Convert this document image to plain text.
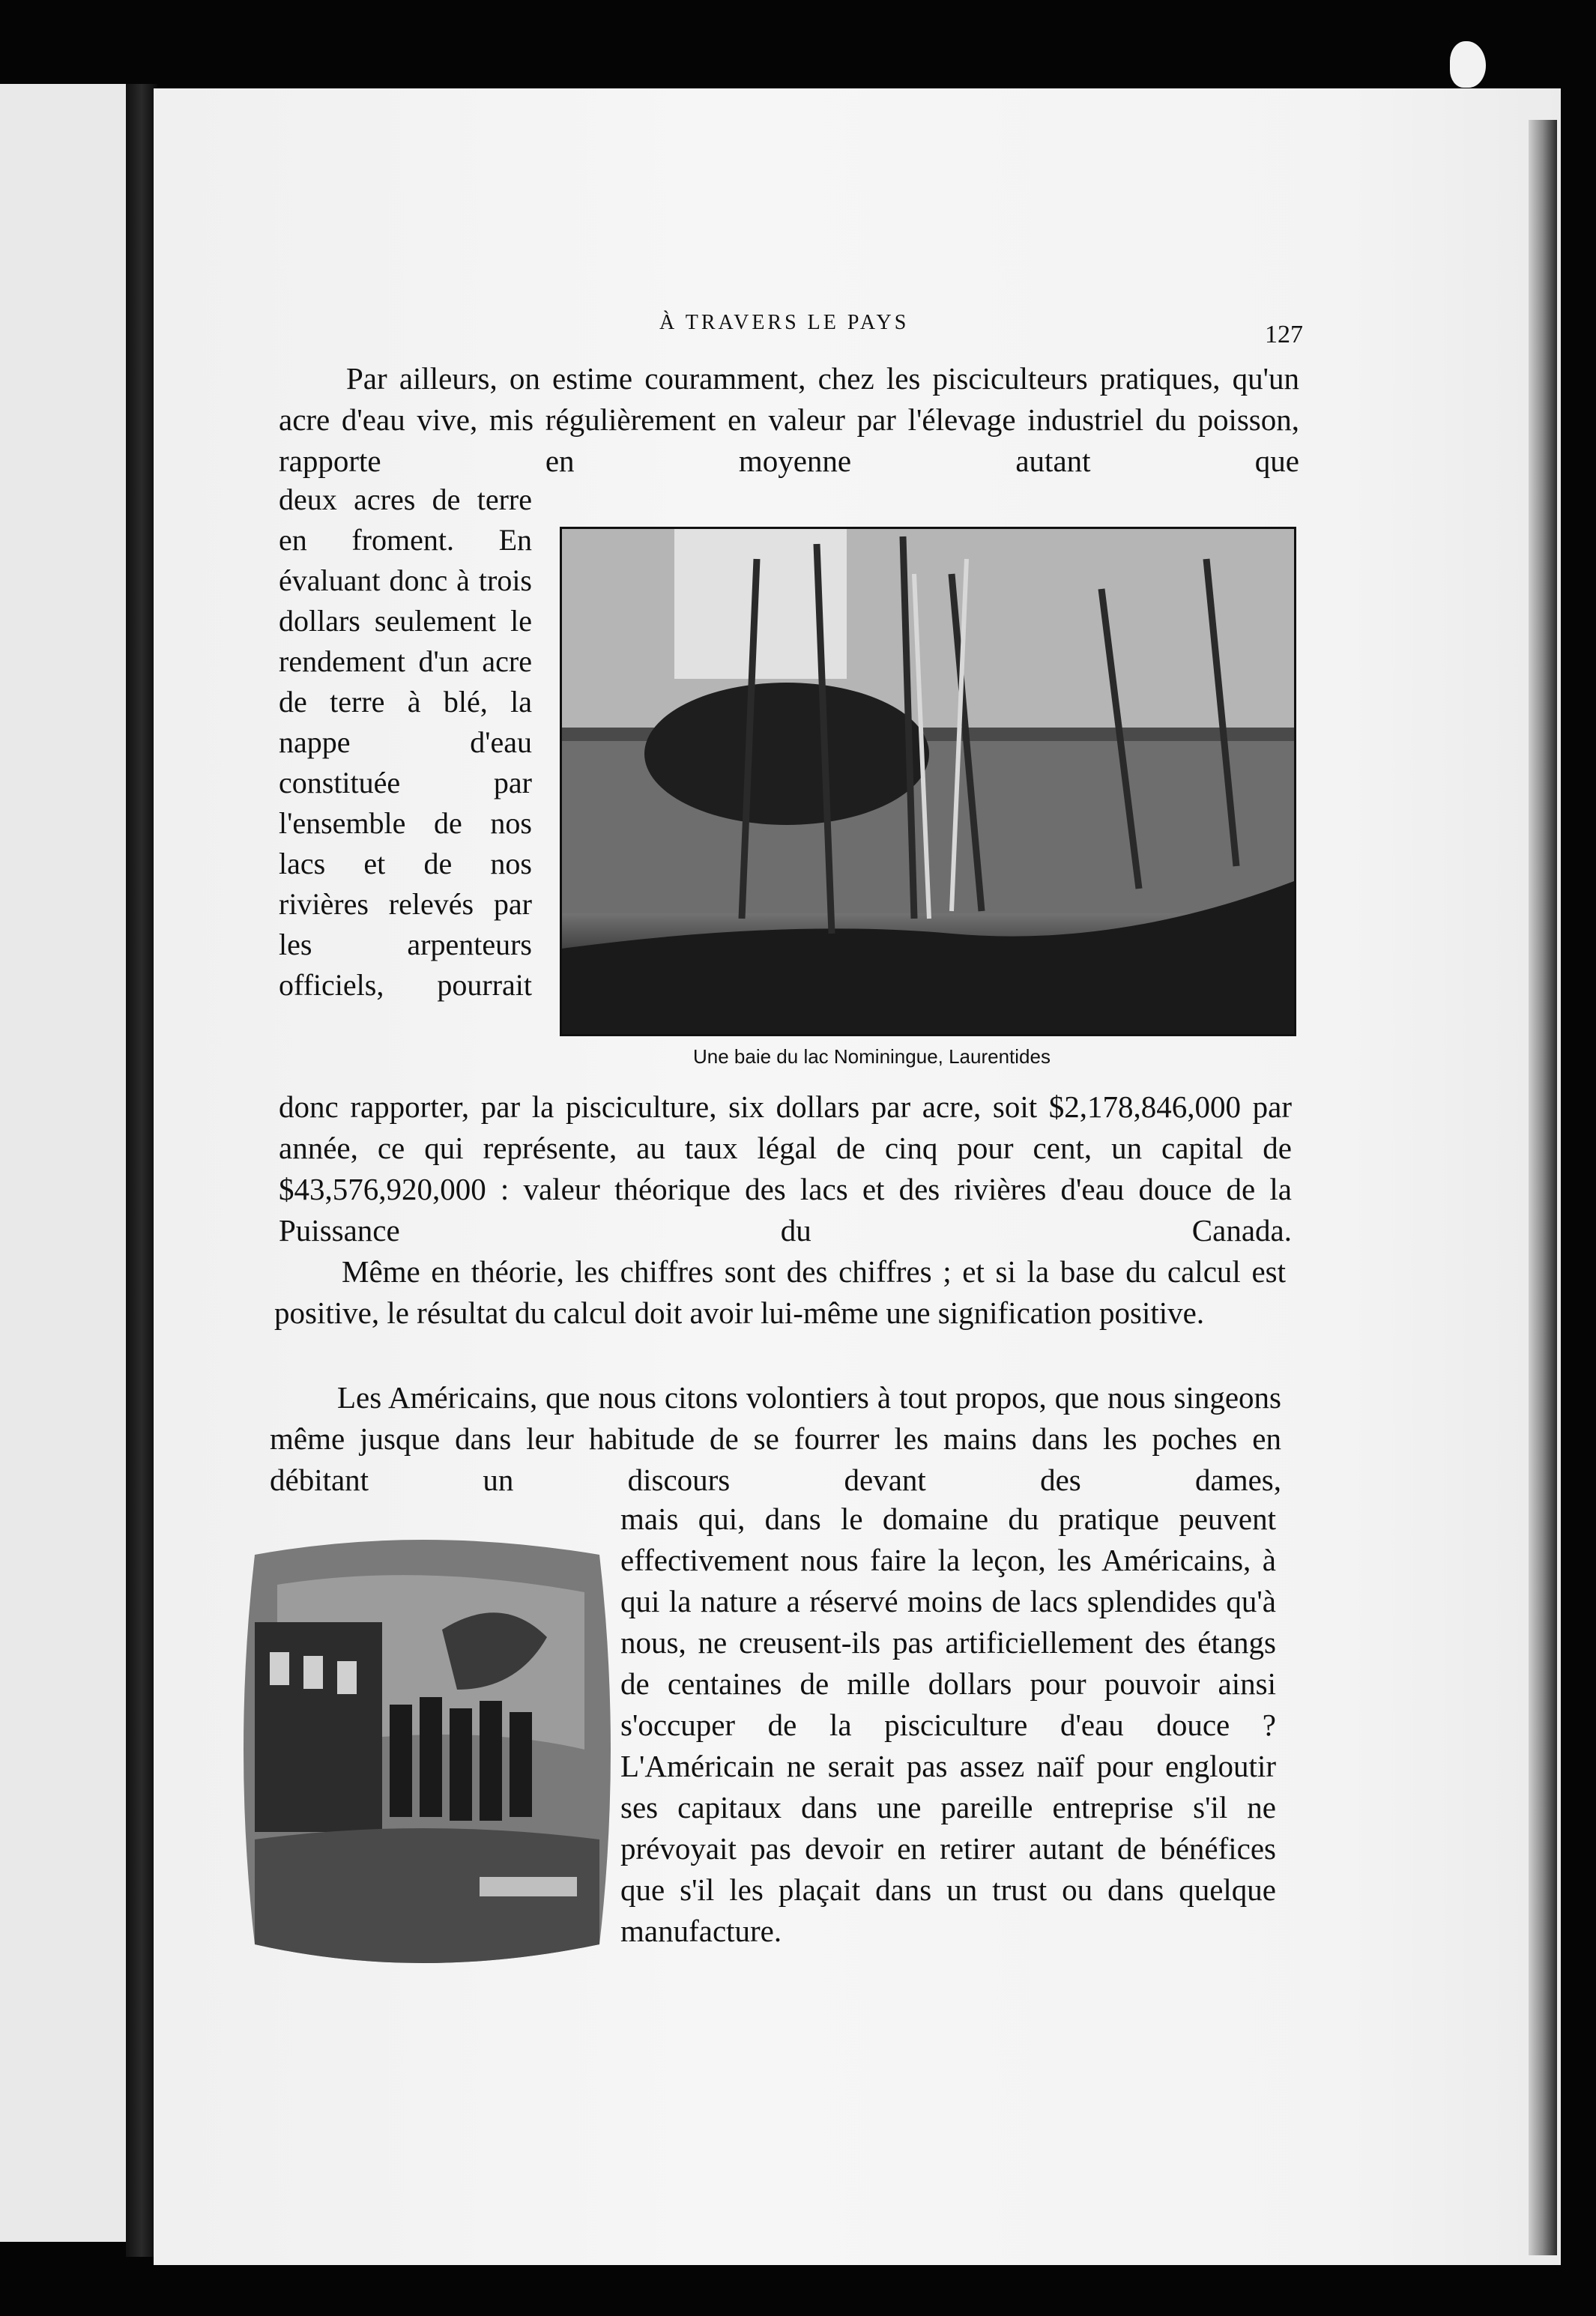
À TRAVERS LE PAYS	127
Par ailleurs, on estime couramment, chez les pisciculteurs pratiques, qu'un acre d'eau vive, mis régulièrement en valeur par l'élevage industriel du poisson, rapporte en moyenne autant que
deux acres de terre en froment. En évaluant donc à trois dollars seulement le rendement d'un acre de terre à blé, la nappe d'eau constituée par l'ensemble de nos lacs et de nos rivières relevés par les arpenteurs officiels, pourrait
Une baie du lac Nominingue, Laurentides
donc rapporter, par la pisciculture, six dollars par acre, soit $2,178,846,000 par année, ce qui représente, au taux légal de cinq pour cent, un capital de $43,576,920,000 : valeur théorique des lacs et des rivières d'eau douce de la Puissance du Canada.
Même en théorie, les chiffres sont des chiffres ; et si la base du calcul est positive, le résultat du calcul doit avoir lui-même une signification positive.
Les Américains, que nous citons volontiers à tout propos, que nous singeons même jusque dans leur habitude de se fourrer les mains dans les poches en débitant un discours devant des dames,
mais qui, dans le domaine du pratique peuvent effectivement nous faire la leçon, les Américains, à qui la nature a réservé moins de lacs splendides qu'à nous, ne creusent-ils pas artificiellement des étangs de centaines de mille dollars pour pouvoir ainsi s'occuper de la pisciculture d'eau douce ? L'Américain ne serait pas assez naïf pour engloutir ses capitaux dans une pareille entreprise s'il ne prévoyait pas devoir en retirer autant de bénéfices que s'il les plaçait dans un trust ou dans quelque manufacture.
